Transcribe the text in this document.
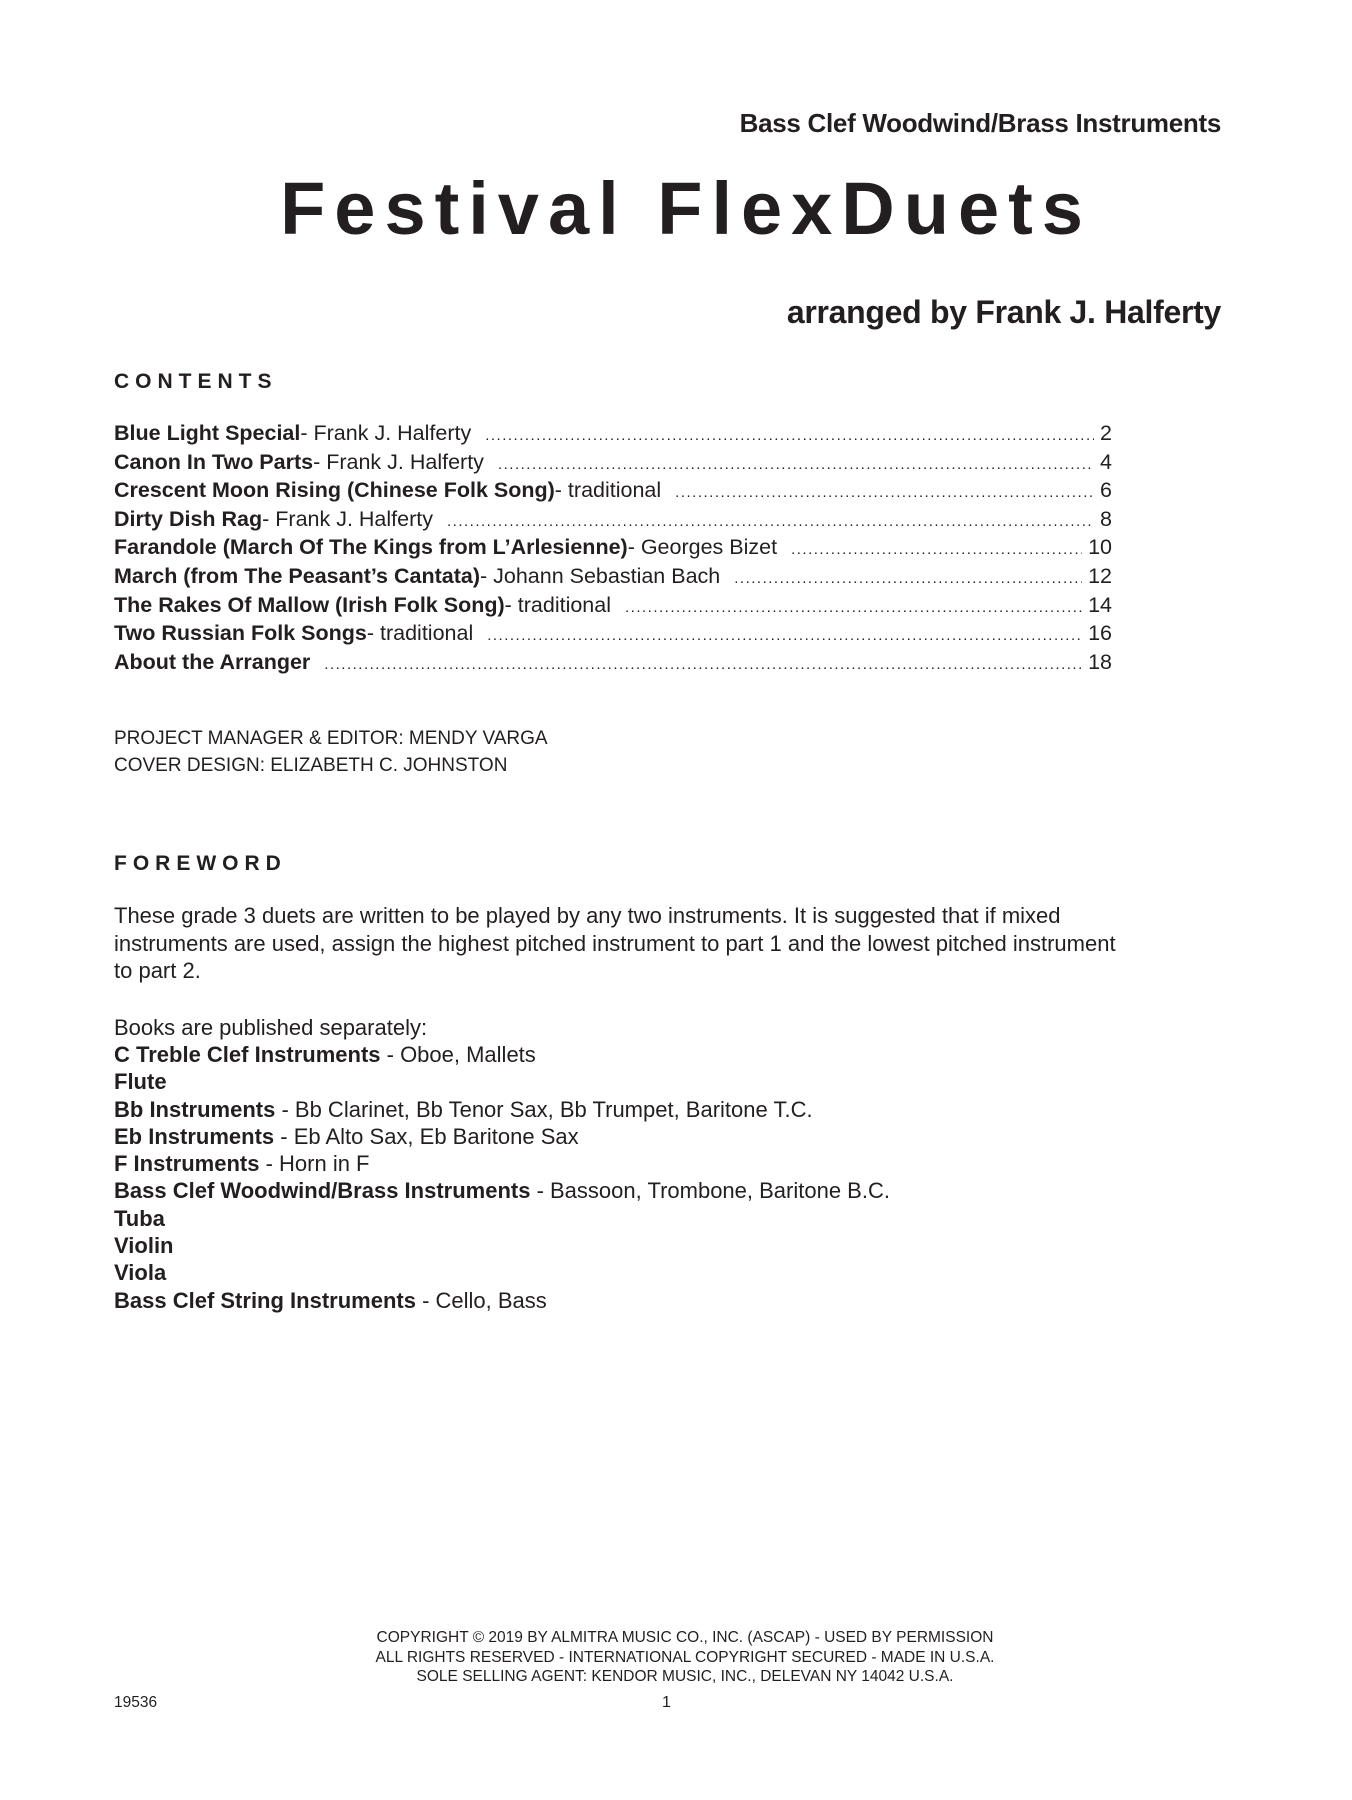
Bass Clef Woodwind/Brass Instruments
Festival FlexDuets
arranged by Frank J. Halferty
CONTENTS
Blue Light Special - Frank J. Halferty .....	2
Canon In Two Parts - Frank J. Halferty .....	4
Crescent Moon Rising (Chinese Folk Song) - traditional .....	6
Dirty Dish Rag - Frank J. Halferty .....	8
Farandole (March Of The Kings from L’Arlesienne) - Georges Bizet .....	10
March (from The Peasant’s Cantata) - Johann Sebastian Bach .....	12
The Rakes Of Mallow (Irish Folk Song) - traditional .....	14
Two Russian Folk Songs - traditional .....	16
About the Arranger .....	18
PROJECT MANAGER & EDITOR: MENDY VARGA
COVER DESIGN: ELIZABETH C. JOHNSTON
FOREWORD

These grade 3 duets are written to be played by any two instruments. It is suggested that if mixed instruments are used, assign the highest pitched instrument to part 1 and the lowest pitched instrument to part 2.

Books are published separately:
C Treble Clef Instruments - Oboe, Mallets
Flute
Bb Instruments - Bb Clarinet, Bb Tenor Sax, Bb Trumpet, Baritone T.C.
Eb Instruments - Eb Alto Sax, Eb Baritone Sax
F Instruments - Horn in F
Bass Clef Woodwind/Brass Instruments - Bassoon, Trombone, Baritone B.C.
Tuba
Violin
Viola
Bass Clef String Instruments - Cello, Bass
COPYRIGHT © 2019 BY ALMITRA MUSIC CO., INC. (ASCAP) - USED BY PERMISSION
ALL RIGHTS RESERVED - INTERNATIONAL COPYRIGHT SECURED - MADE IN U.S.A.
SOLE SELLING AGENT: KENDOR MUSIC, INC., DELEVAN NY 14042 U.S.A.
19536	1
